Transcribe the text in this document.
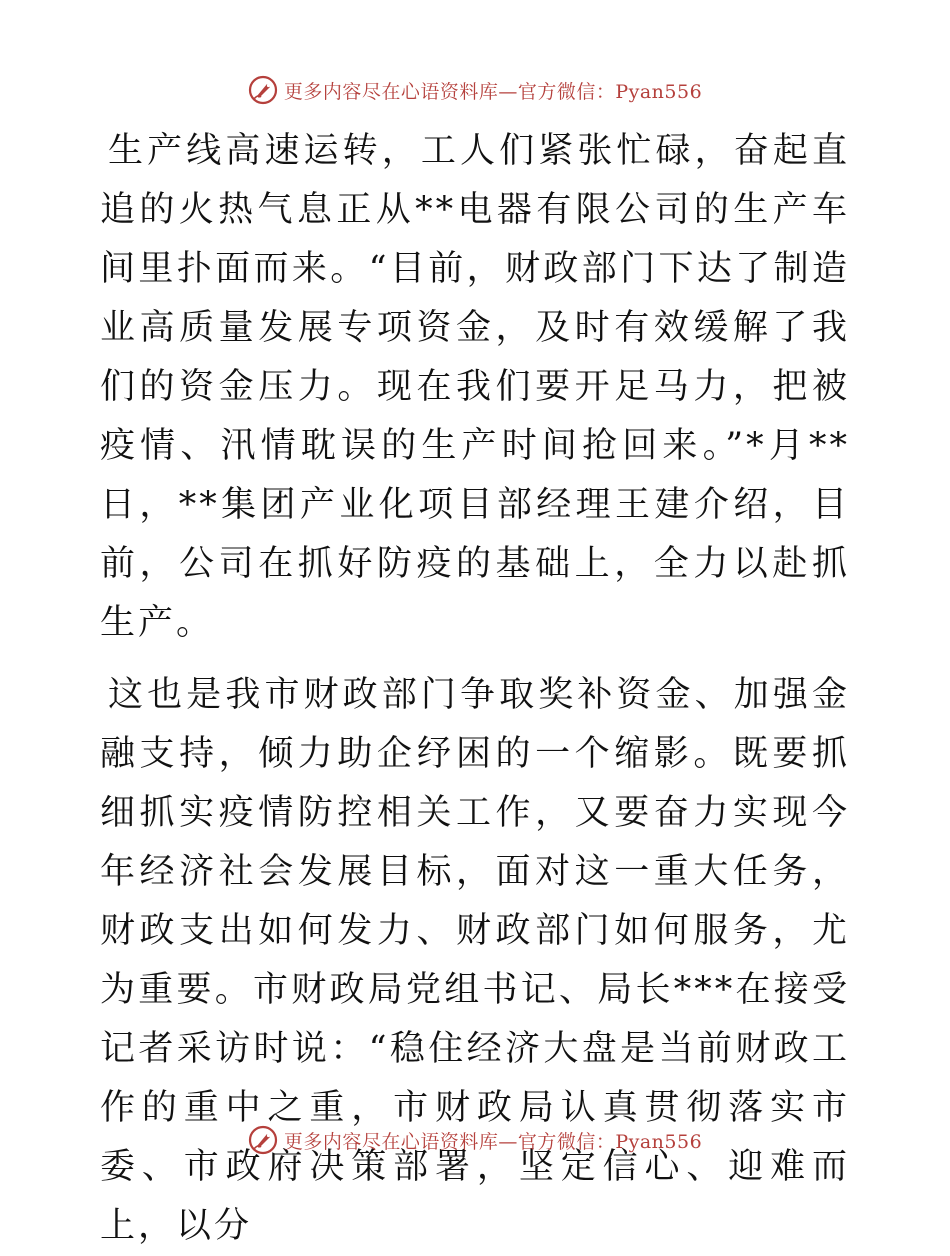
更多内容尽在心语资料库—官方微信：Pyan556

生产线高速运转，工人们紧张忙碌，奋起直追的火热气息正从**电器有限公司的生产车间里扑面而来。“目前，财政部门下达了制造业高质量发展专项资金，及时有效缓解了我们的资金压力。现在我们要开足马力，把被疫情、汛情耽误的生产时间抢回来。”*月**日，**集团产业化项目部经理王建介绍，目前，公司在抓好防疫的基础上，全力以赴抓生产。

这也是我市财政部门争取奖补资金、加强金融支持，倾力助企纾困的一个缩影。既要抓细抓实疫情防控相关工作，又要奋力实现今年经济社会发展目标，面对这一重大任务，财政支出如何发力、财政部门如何服务，尤为重要。市财政局党组书记、局长***在接受记者采访时说：“稳住经济大盘是当前财政工作的重中之重，市财政局认真贯彻落实市委、市政府决策部署，坚定信心、迎难而上，以分

更多内容尽在心语资料库—官方微信：Pyan556
